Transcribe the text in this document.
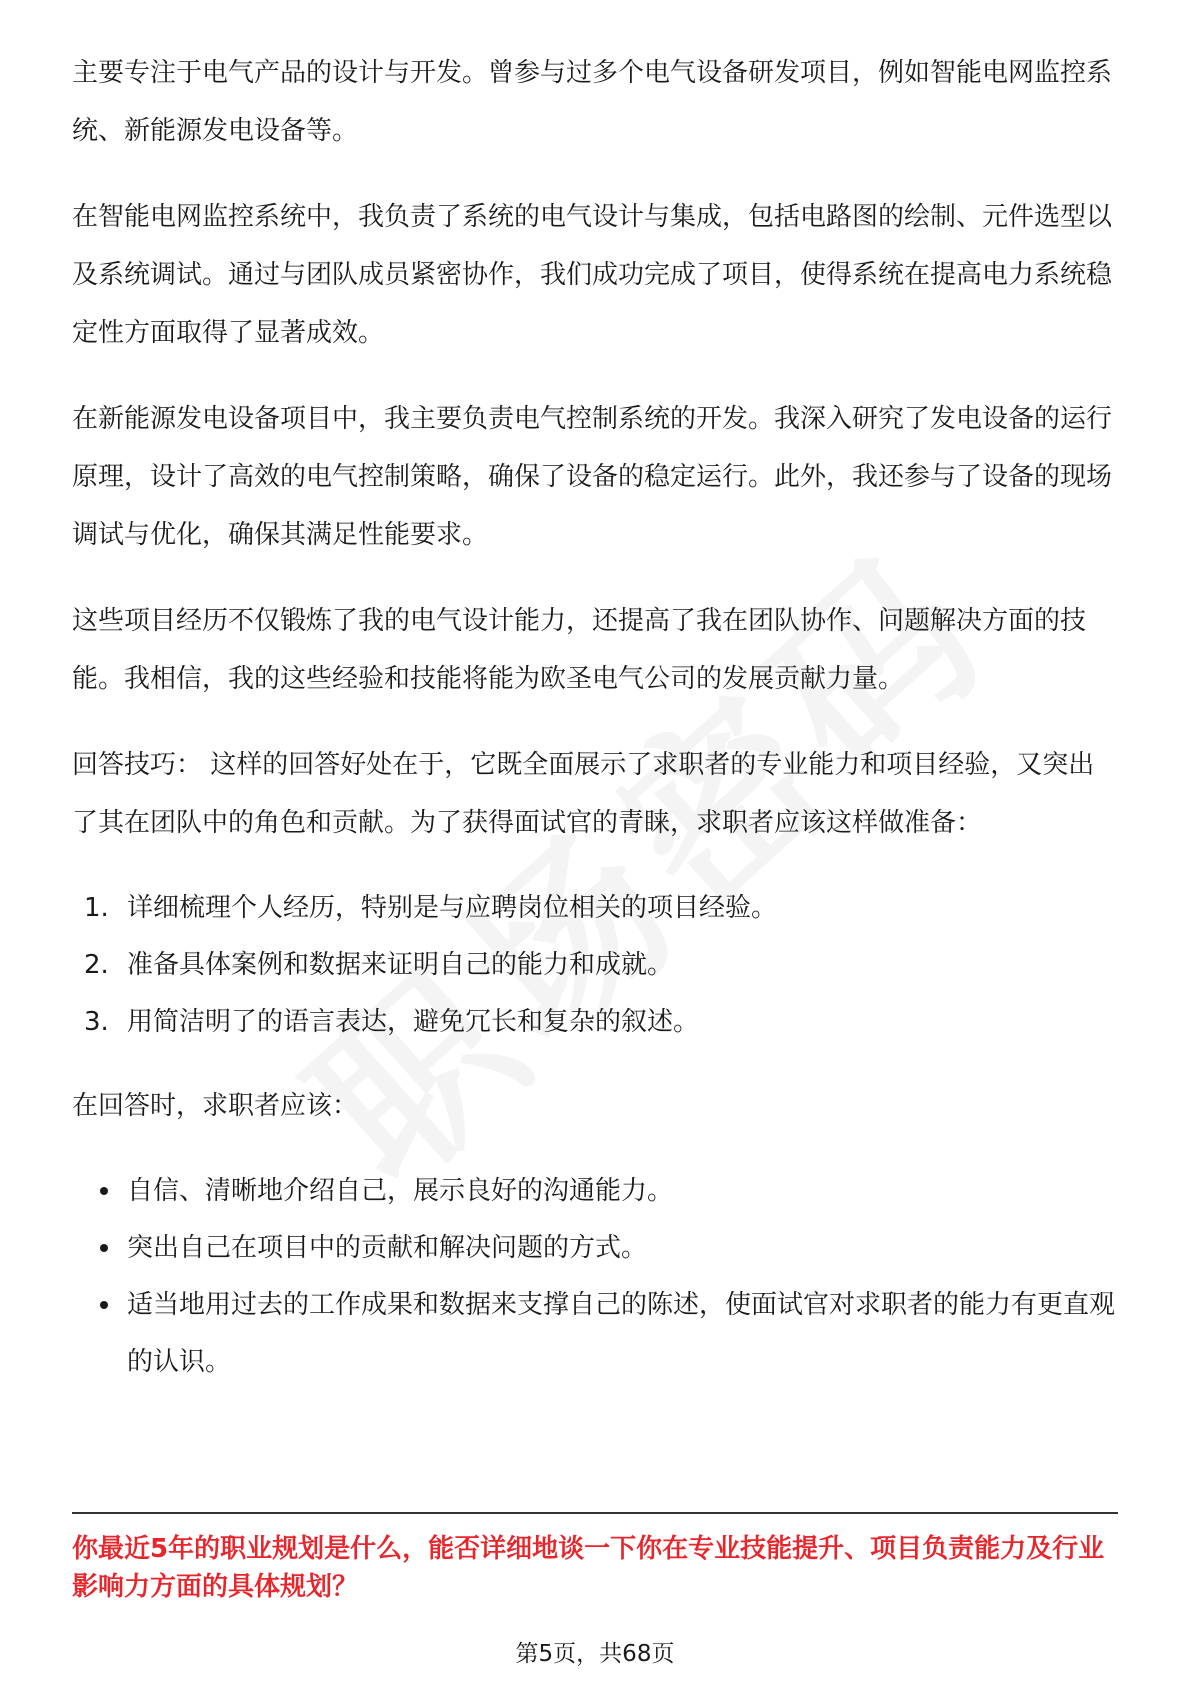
主要专注于电气产品的设计与开发。曾参与过多个电气设备研发项目，例如智能电网监控系统、新能源发电设备等。

在智能电网监控系统中，我负责了系统的电气设计与集成，包括电路图的绘制、元件选型以及系统调试。通过与团队成员紧密协作，我们成功完成了项目，使得系统在提高电力系统稳定性方面取得了显著成效。

在新能源发电设备项目中，我主要负责电气控制系统的开发。我深入研究了发电设备的运行原理，设计了高效的电气控制策略，确保了设备的稳定运行。此外，我还参与了设备的现场调试与优化，确保其满足性能要求。

这些项目经历不仅锻炼了我的电气设计能力，还提高了我在团队协作、问题解决方面的技能。我相信，我的这些经验和技能将能为欧圣电气公司的发展贡献力量。

回答技巧： 这样的回答好处在于，它既全面展示了求职者的专业能力和项目经验，又突出了其在团队中的角色和贡献。为了获得面试官的青睐，求职者应该这样做准备：

1. 详细梳理个人经历，特别是与应聘岗位相关的项目经验。
2. 准备具体案例和数据来证明自己的能力和成就。
3. 用简洁明了的语言表达，避免冗长和复杂的叙述。

在回答时，求职者应该：

自信、清晰地介绍自己，展示良好的沟通能力。
突出自己在项目中的贡献和解决问题的方式。
适当地用过去的工作成果和数据来支撑自己的陈述，使面试官对求职者的能力有更直观的认识。
你最近5年的职业规划是什么，能否详细地谈一下你在专业技能提升、项目负责能力及行业影响力方面的具体规划？
第5页，共68页
